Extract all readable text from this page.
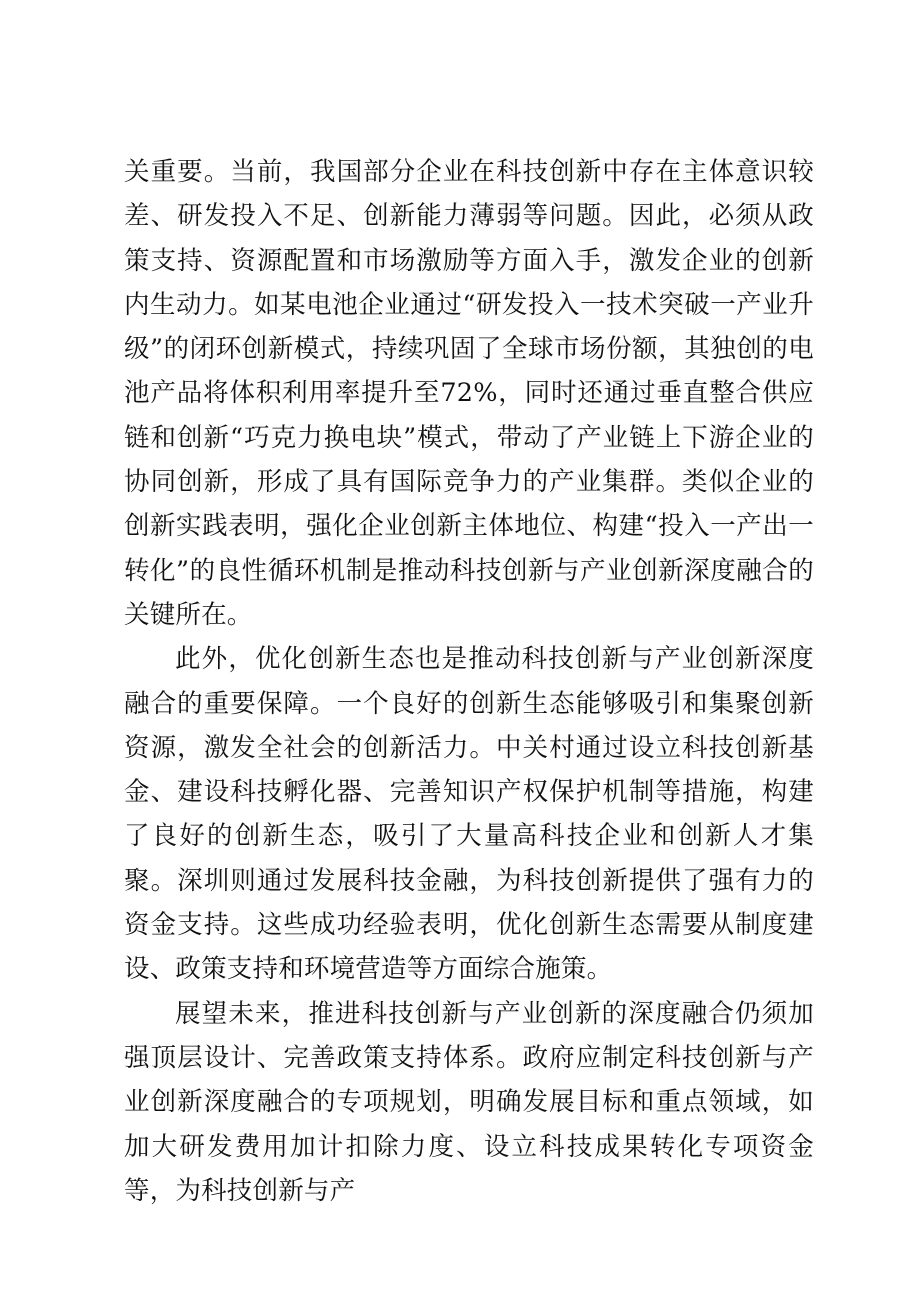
关重要。当前，我国部分企业在科技创新中存在主体意识较差、研发投入不足、创新能力薄弱等问题。因此，必须从政策支持、资源配置和市场激励等方面入手，激发企业的创新内生动力。如某电池企业通过“研发投入一技术突破一产业升级”的闭环创新模式，持续巩固了全球市场份额，其独创的电池产品将体积利用率提升至72%，同时还通过垂直整合供应链和创新“巧克力换电块”模式，带动了产业链上下游企业的协同创新，形成了具有国际竞争力的产业集群。类似企业的创新实践表明，强化企业创新主体地位、构建“投入一产出一转化”的良性循环机制是推动科技创新与产业创新深度融合的关键所在。

此外，优化创新生态也是推动科技创新与产业创新深度融合的重要保障。一个良好的创新生态能够吸引和集聚创新资源，激发全社会的创新活力。中关村通过设立科技创新基金、建设科技孵化器、完善知识产权保护机制等措施，构建了良好的创新生态，吸引了大量高科技企业和创新人才集聚。深圳则通过发展科技金融，为科技创新提供了强有力的资金支持。这些成功经验表明，优化创新生态需要从制度建设、政策支持和环境营造等方面综合施策。

展望未来，推进科技创新与产业创新的深度融合仍须加强顶层设计、完善政策支持体系。政府应制定科技创新与产业创新深度融合的专项规划，明确发展目标和重点领域，如加大研发费用加计扣除力度、设立科技成果转化专项资金等，为科技创新与产
